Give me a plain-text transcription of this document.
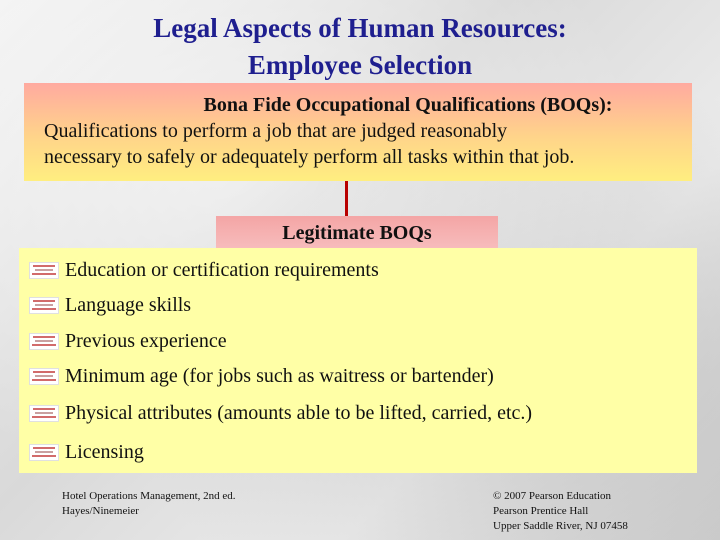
Legal Aspects of Human Resources:
Employee Selection
Bona Fide Occupational Qualifications (BOQs):
Qualifications to perform a job that are judged reasonably
necessary to safely or adequately perform all tasks within that job.
Education or certification requirements
Language skills
Previous experience
Minimum age (for jobs such as waitress or bartender)
Physical attributes (amounts able to be lifted, carried, etc.)
Licensing
Legitimate BOQs
Hotel Operations Management, 2nd ed.
Hayes/Ninemeier
© 2007 Pearson Education
Pearson Prentice Hall
Upper Saddle River, NJ 07458
